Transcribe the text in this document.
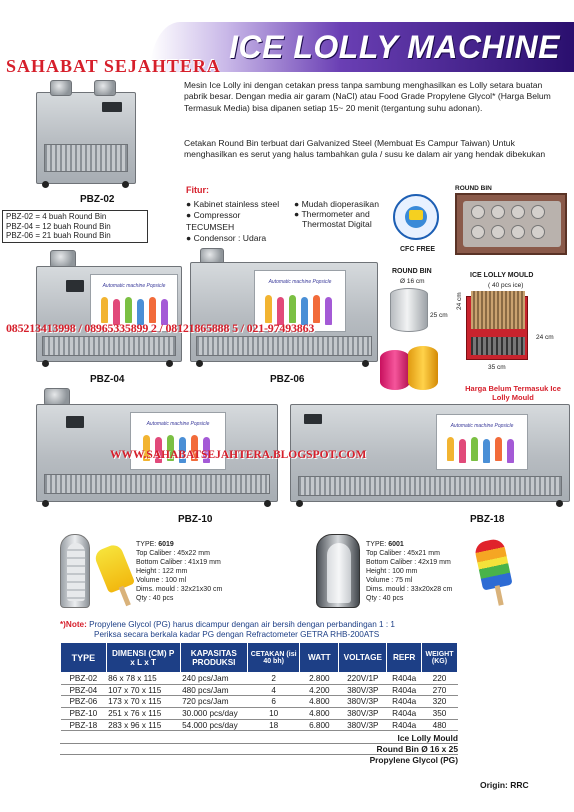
ICE LOLLY MACHINE
SAHABAT SEJAHTERA
PBZ-02
PBZ-02 = 4 buah Round Bin
PBZ-04 = 12 buah Round Bin
PBZ-06 = 21 buah Round Bin
Mesin Ice Lolly ini dengan cetakan press tanpa sambung menghasilkan es Lolly setara buatan pabrik besar. Dengan media air garam (NaCl) atau Food Grade Propylene Glycol* (Harga Belum Termasuk Media) bisa dipanen setiap 15~ 20 menit (tergantung suhu adonan).
Cetakan Round Bin terbuat dari Galvanized Steel (Membuat Es Campur Taiwan) Untuk menghasilkan es serut yang halus tambahkan gula / susu ke dalam air yang hendak dibekukan
Fitur:
● Kabinet stainless steel
● Compressor TECUMSEH
● Condensor : Udara
● Mudah dioperasikan
● Thermometer and Thermostat Digital
CFC FREE
ROUND BIN
Automatic machine Popsicle
PBZ-04
Automatic machine Popsicle
PBZ-06
ROUND BIN
Ø 16 cm
25 cm
ICE LOLLY MOULD
( 40 pcs ice)
24 cm
24 cm
35 cm
Harga Belum Termasuk Ice Lolly Mould
085213413998 / 08965335899 2 / 08121865888 5 / 021-97493863
Automatic machine Popsicle
PBZ-10
Automatic machine Popsicle
PBZ-18
WWW.SAHABATSEJAHTERA.BLOGSPOT.COM
TYPE: 6019
Top Caliber : 45x22 mm
Bottom Caliber : 41x19 mm
Height : 122 mm
Volume : 100 ml
Dims. mould : 32x21x30 cm
Qty : 40 pcs
TYPE: 6001
Top Caliber : 45x21 mm
Bottom Caliber : 42x19 mm
Height : 100 mm
Volume : 75 ml
Dims. mould : 33x20x28 cm
Qty : 40 pcs
*)Note: Propylene Glycol (PG) harus dicampur dengan air bersih dengan perbandingan 1 : 1
Periksa secara berkala kadar PG dengan Refractometer GETRA RHB-200ATS
TYPE	DIMENSI (CM) P x L x T	KAPASITAS PRODUKSI	CETAKAN (isi 40 bh)	WATT	VOLTAGE	REFR	WEIGHT (KG)
PBZ-02	86 x 78 x 115	240 pcs/Jam	2	2.800	220V/1P	R404a	220
PBZ-04	107 x 70 x 115	480 pcs/Jam	4	4.200	380V/3P	R404a	270
PBZ-06	173 x 70 x 115	720 pcs/Jam	6	4.800	380V/3P	R404a	320
PBZ-10	251 x 76 x 115	30.000 pcs/day	10	4.800	380V/3P	R404a	350
PBZ-18	283 x 96 x 115	54.000 pcs/day	18	6.800	380V/3P	R404a	480
Ice Lolly Mould
Round Bin Ø 16 x 25
Propylene Glycol (PG)
Origin: RRC
